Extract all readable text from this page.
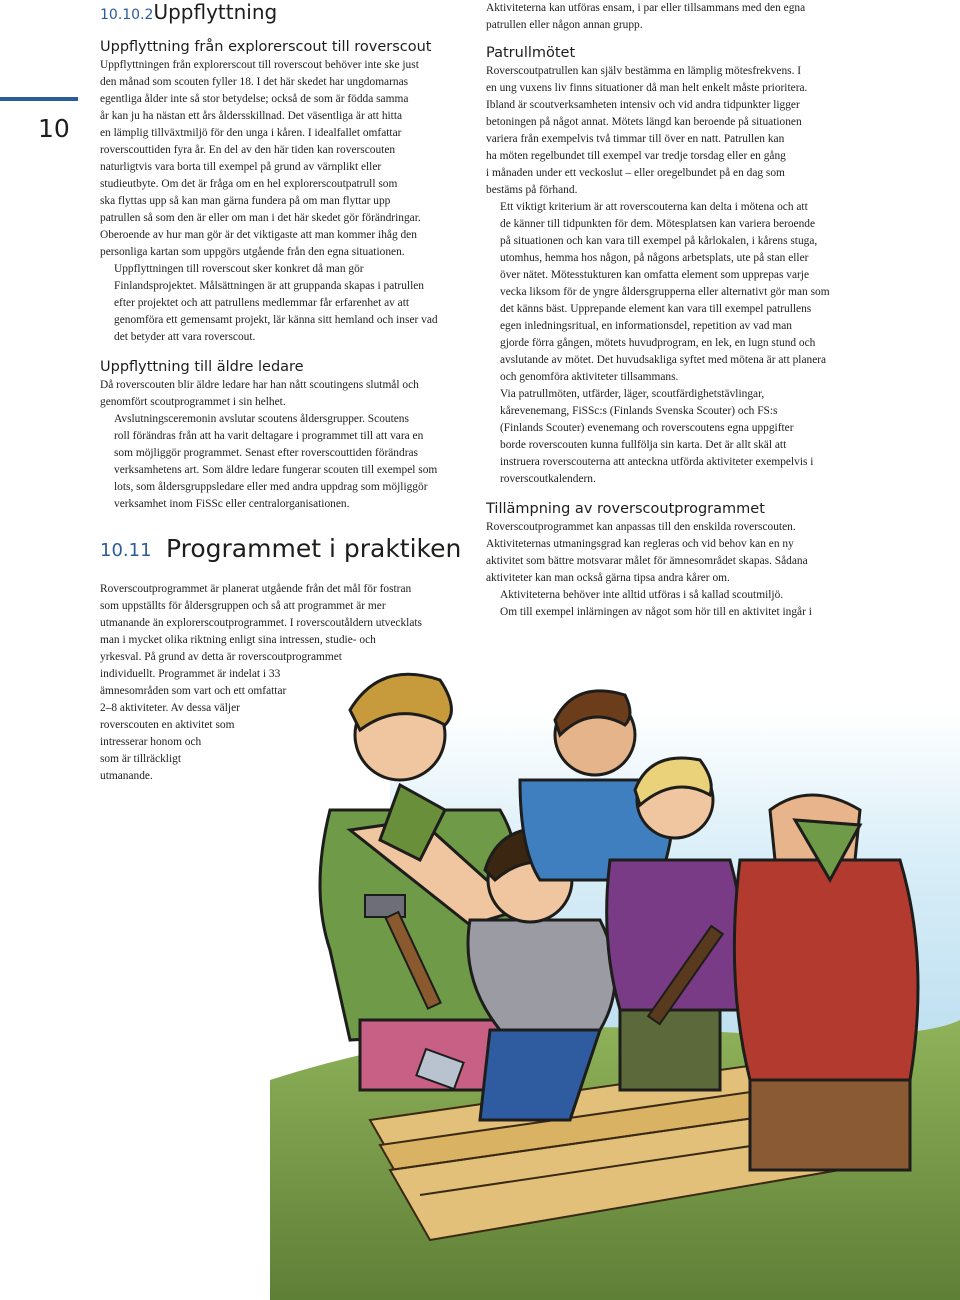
10
10.10.2Uppflyttning
Uppflyttning från explorerscout till roverscout
Uppflyttningen från explorerscout till roverscout behöver inte ske just
den månad som scouten fyller 18. I det här skedet har ungdomarnas
egentliga ålder inte så stor betydelse; också de som är födda samma
år kan ju ha nästan ett års åldersskillnad. Det väsentliga är att hitta
en lämplig tillväxtmiljö för den unga i kåren. I idealfallet omfattar
roverscouttiden fyra år. En del av den här tiden kan roverscouten
naturligtvis vara borta till exempel på grund av värnplikt eller
studieutbyte. Om det är fråga om en hel explorerscoutpatrull som
ska flyttas upp så kan man gärna fundera på om man flyttar upp
patrullen så som den är eller om man i det här skedet gör förändringar.
Oberoende av hur man gör är det viktigaste att man kommer ihåg den
personliga kartan som uppgörs utgående från den egna situationen.
Uppflyttningen till roverscout sker konkret då man gör
Finlandsprojektet. Målsättningen är att gruppanda skapas i patrullen
efter projektet och att patrullens medlemmar får erfarenhet av att
genomföra ett gemensamt projekt, lär känna sitt hemland och inser vad
det betyder att vara roverscout.
Uppflyttning till äldre ledare
Då roverscouten blir äldre ledare har han nått scoutingens slutmål och
genomfört scoutprogrammet i sin helhet.
Avslutningsceremonin avslutar scoutens åldersgrupper. Scoutens
roll förändras från att ha varit deltagare i programmet till att vara en
som möjliggör programmet. Senast efter roverscouttiden förändras
verksamhetens art. Som äldre ledare fungerar scouten till exempel som
lots, som åldersgruppsledare eller med andra uppdrag som möjliggör
verksamhet inom FiSSc eller centralorganisationen.
Roverscoutprogrammet är planerat utgående från det mål för fostran
som uppställts för åldersgruppen och så att programmet är mer
utmanande än explorerscoutprogrammet. I roverscoutåldern utvecklats
man i mycket olika riktning enligt sina intressen, studie- och
yrkesval. På grund av detta är roverscoutprogrammet
individuellt. Programmet är indelat i 33
ämnesområden som vart och ett omfattar
2–8 aktiviteter. Av dessa väljer
roverscouten en aktivitet som
intresserar honom och
som är tillräckligt
utmanande.
10.11 Programmet i praktiken
Aktiviteterna kan utföras ensam, i par eller tillsammans med den egna
patrullen eller någon annan grupp.
Patrullmötet
Roverscoutpatrullen kan själv bestämma en lämplig mötesfrekvens. I
en ung vuxens liv finns situationer då man helt enkelt måste prioritera.
Ibland är scoutverksamheten intensiv och vid andra tidpunkter ligger
betoningen på något annat. Mötets längd kan beroende på situationen
variera från exempelvis två timmar till över en natt. Patrullen kan
ha möten regelbundet till exempel var tredje torsdag eller en gång
i månaden under ett veckoslut – eller oregelbundet på en dag som
bestäms på förhand.
Ett viktigt kriterium är att roverscouterna kan delta i mötena och att
de känner till tidpunkten för dem. Mötesplatsen kan variera beroende
på situationen och kan vara till exempel på kårlokalen, i kårens stuga,
utomhus, hemma hos någon, på någons arbetsplats, ute på stan eller
över nätet. Mötesstukturen kan omfatta element som upprepas varje
vecka liksom för de yngre åldersgrupperna eller alternativt gör man som
det känns bäst. Upprepande element kan vara till exempel patrullens
egen inledningsritual, en informationsdel, repetition av vad man
gjorde förra gången, mötets huvudprogram, en lek, en lugn stund och
avslutande av mötet. Det huvudsakliga syftet med mötena är att planera
och genomföra aktiviteter tillsammans.
Via patrullmöten, utfärder, läger, scoutfärdighetstävlingar,
kårevenemang, FiSSc:s (Finlands Svenska Scouter) och FS:s
(Finlands Scouter) evenemang och roverscoutens egna uppgifter
borde roverscouten kunna fullfölja sin karta. Det är allt skäl att
instruera roverscouterna att anteckna utförda aktiviteter exempelvis i
roverscoutkalendern.
Tillämpning av roverscoutprogrammet
Roverscoutprogrammet kan anpassas till den enskilda roverscouten.
Aktiviteternas utmaningsgrad kan regleras och vid behov kan en ny
aktivitet som bättre motsvarar målet för ämnesområdet skapas. Sådana
aktiviteter kan man också gärna tipsa andra kårer om.
Aktiviteterna behöver inte alltid utföras i så kallad scoutmiljö.
Om till exempel inlärningen av något som hör till en aktivitet ingår i
